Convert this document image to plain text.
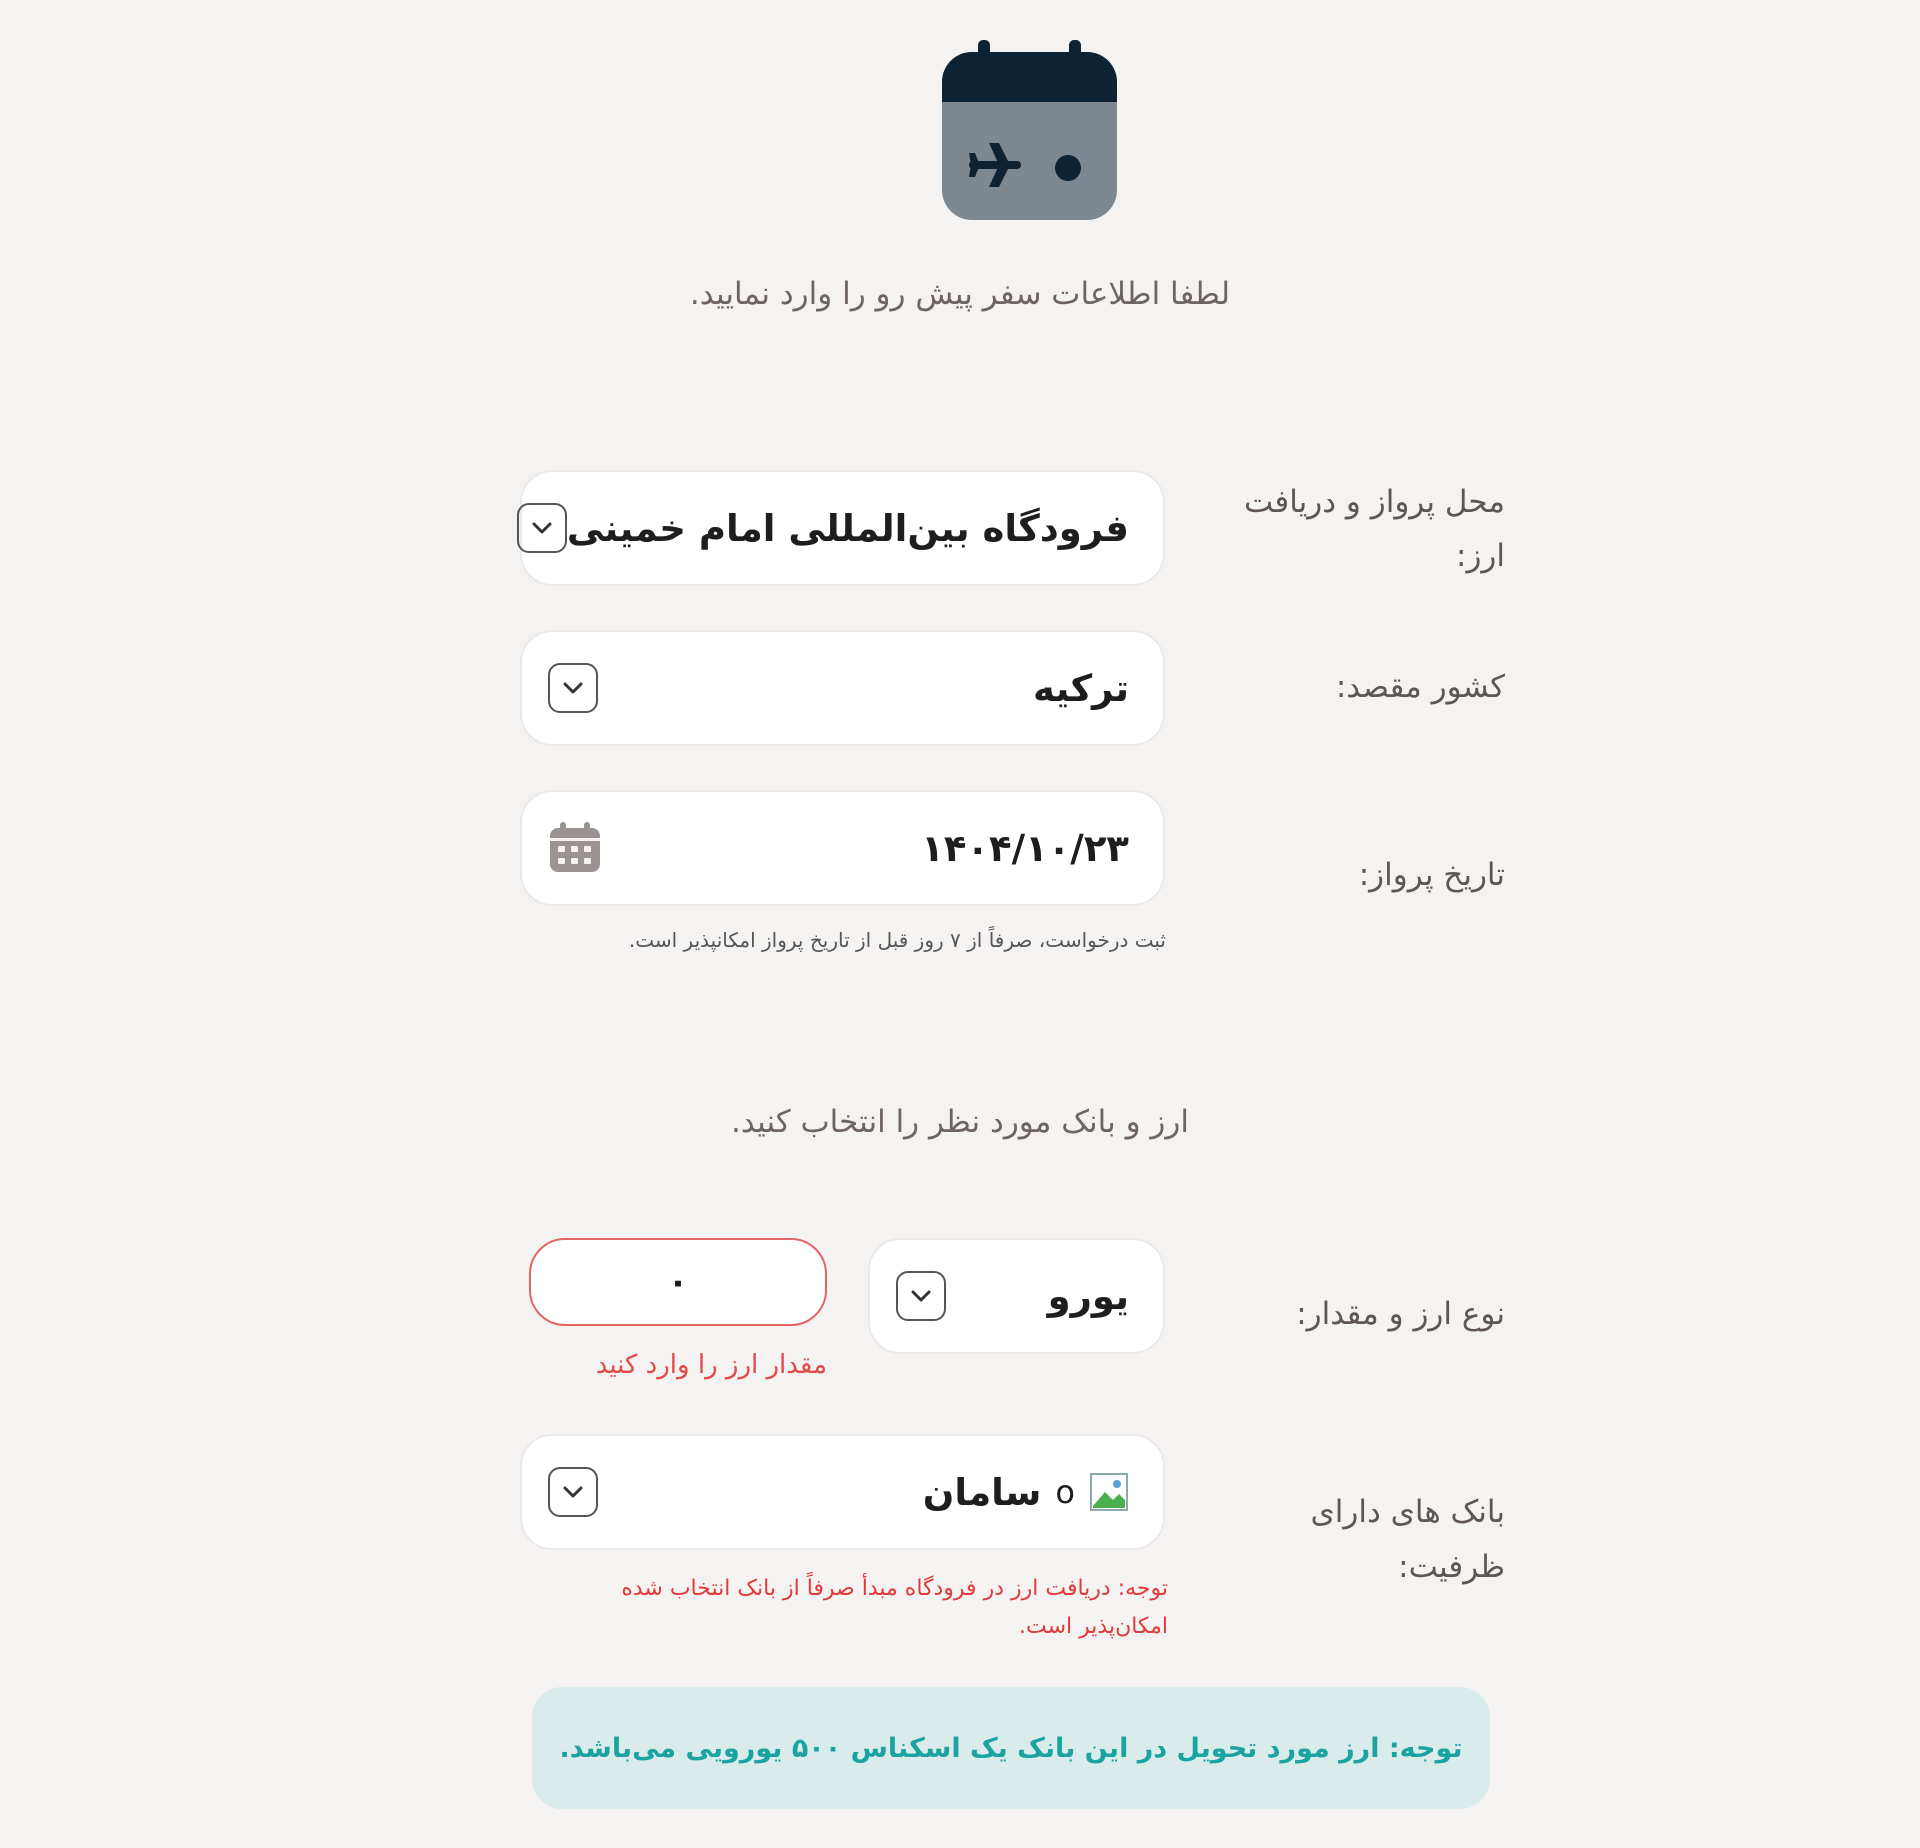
لطفا اطلاعات سفر پیش رو را وارد نمایید.
محل پرواز و دریافت ارز:
فرودگاه بین‌المللی امام خمینی
کشور مقصد:
ترکیه
تاریخ پرواز:
۱۴۰۴/۱۰/۲۳
ثبت درخواست، صرفاً از ۷ روز قبل از تاریخ پرواز امکانپذیر است.
ارز و بانک مورد نظر را انتخاب کنید.
نوع ارز و مقدار:
یورو
۰
مقدار ارز را وارد کنید
بانک های دارای ظرفیت:
o
سامان
توجه: دریافت ارز در فرودگاه مبدأ صرفاً از بانک انتخاب شده امکان‌پذیر است.
توجه: ارز مورد تحویل در این بانک یک اسکناس ۵۰۰ یورویی می‌باشد.
